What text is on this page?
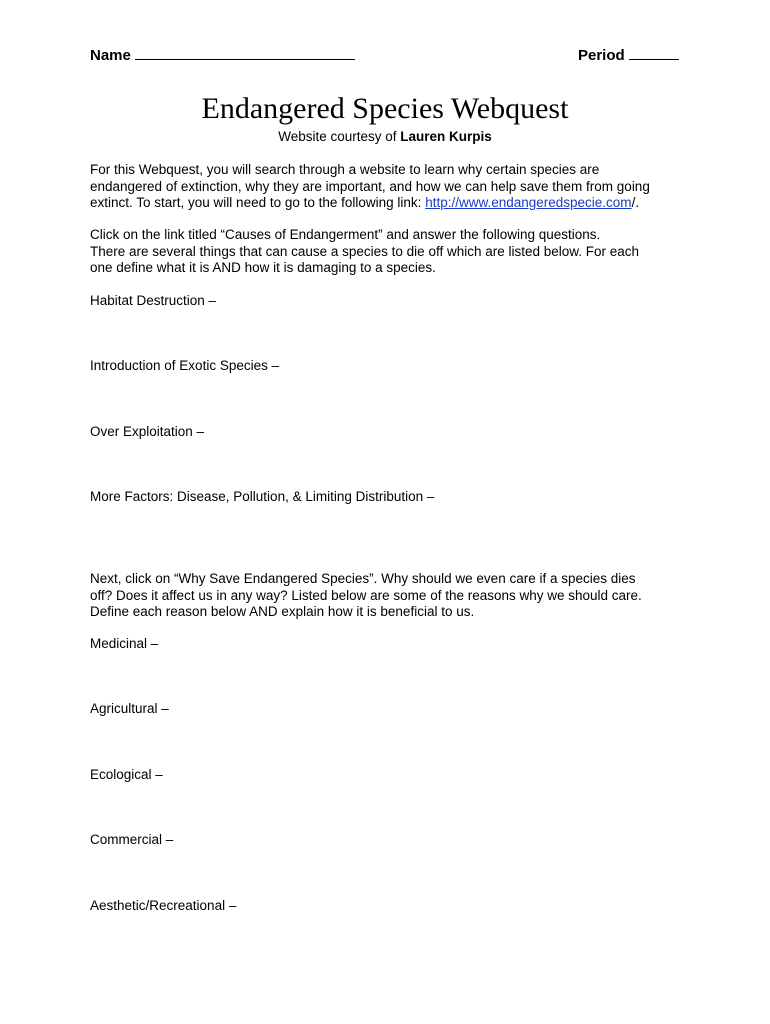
Name	Period
Endangered Species Webquest
Website courtesy of Lauren Kurpis
For this Webquest, you will search through a website to learn why certain species are
endangered of extinction, why they are important, and how we can help save them from going
extinct. To start, you will need to go to the following link: http://www.endangeredspecie.com/.
Click on the link titled “Causes of Endangerment” and answer the following questions.
There are several things that can cause a species to die off which are listed below. For each
one define what it is AND how it is damaging to a species.
Habitat Destruction –
Introduction of Exotic Species –
Over Exploitation –
More Factors: Disease, Pollution, & Limiting Distribution –
Next, click on “Why Save Endangered Species”. Why should we even care if a species dies
off? Does it affect us in any way? Listed below are some of the reasons why we should care.
Define each reason below AND explain how it is beneficial to us.
Medicinal –
Agricultural –
Ecological –
Commercial –
Aesthetic/Recreational –
